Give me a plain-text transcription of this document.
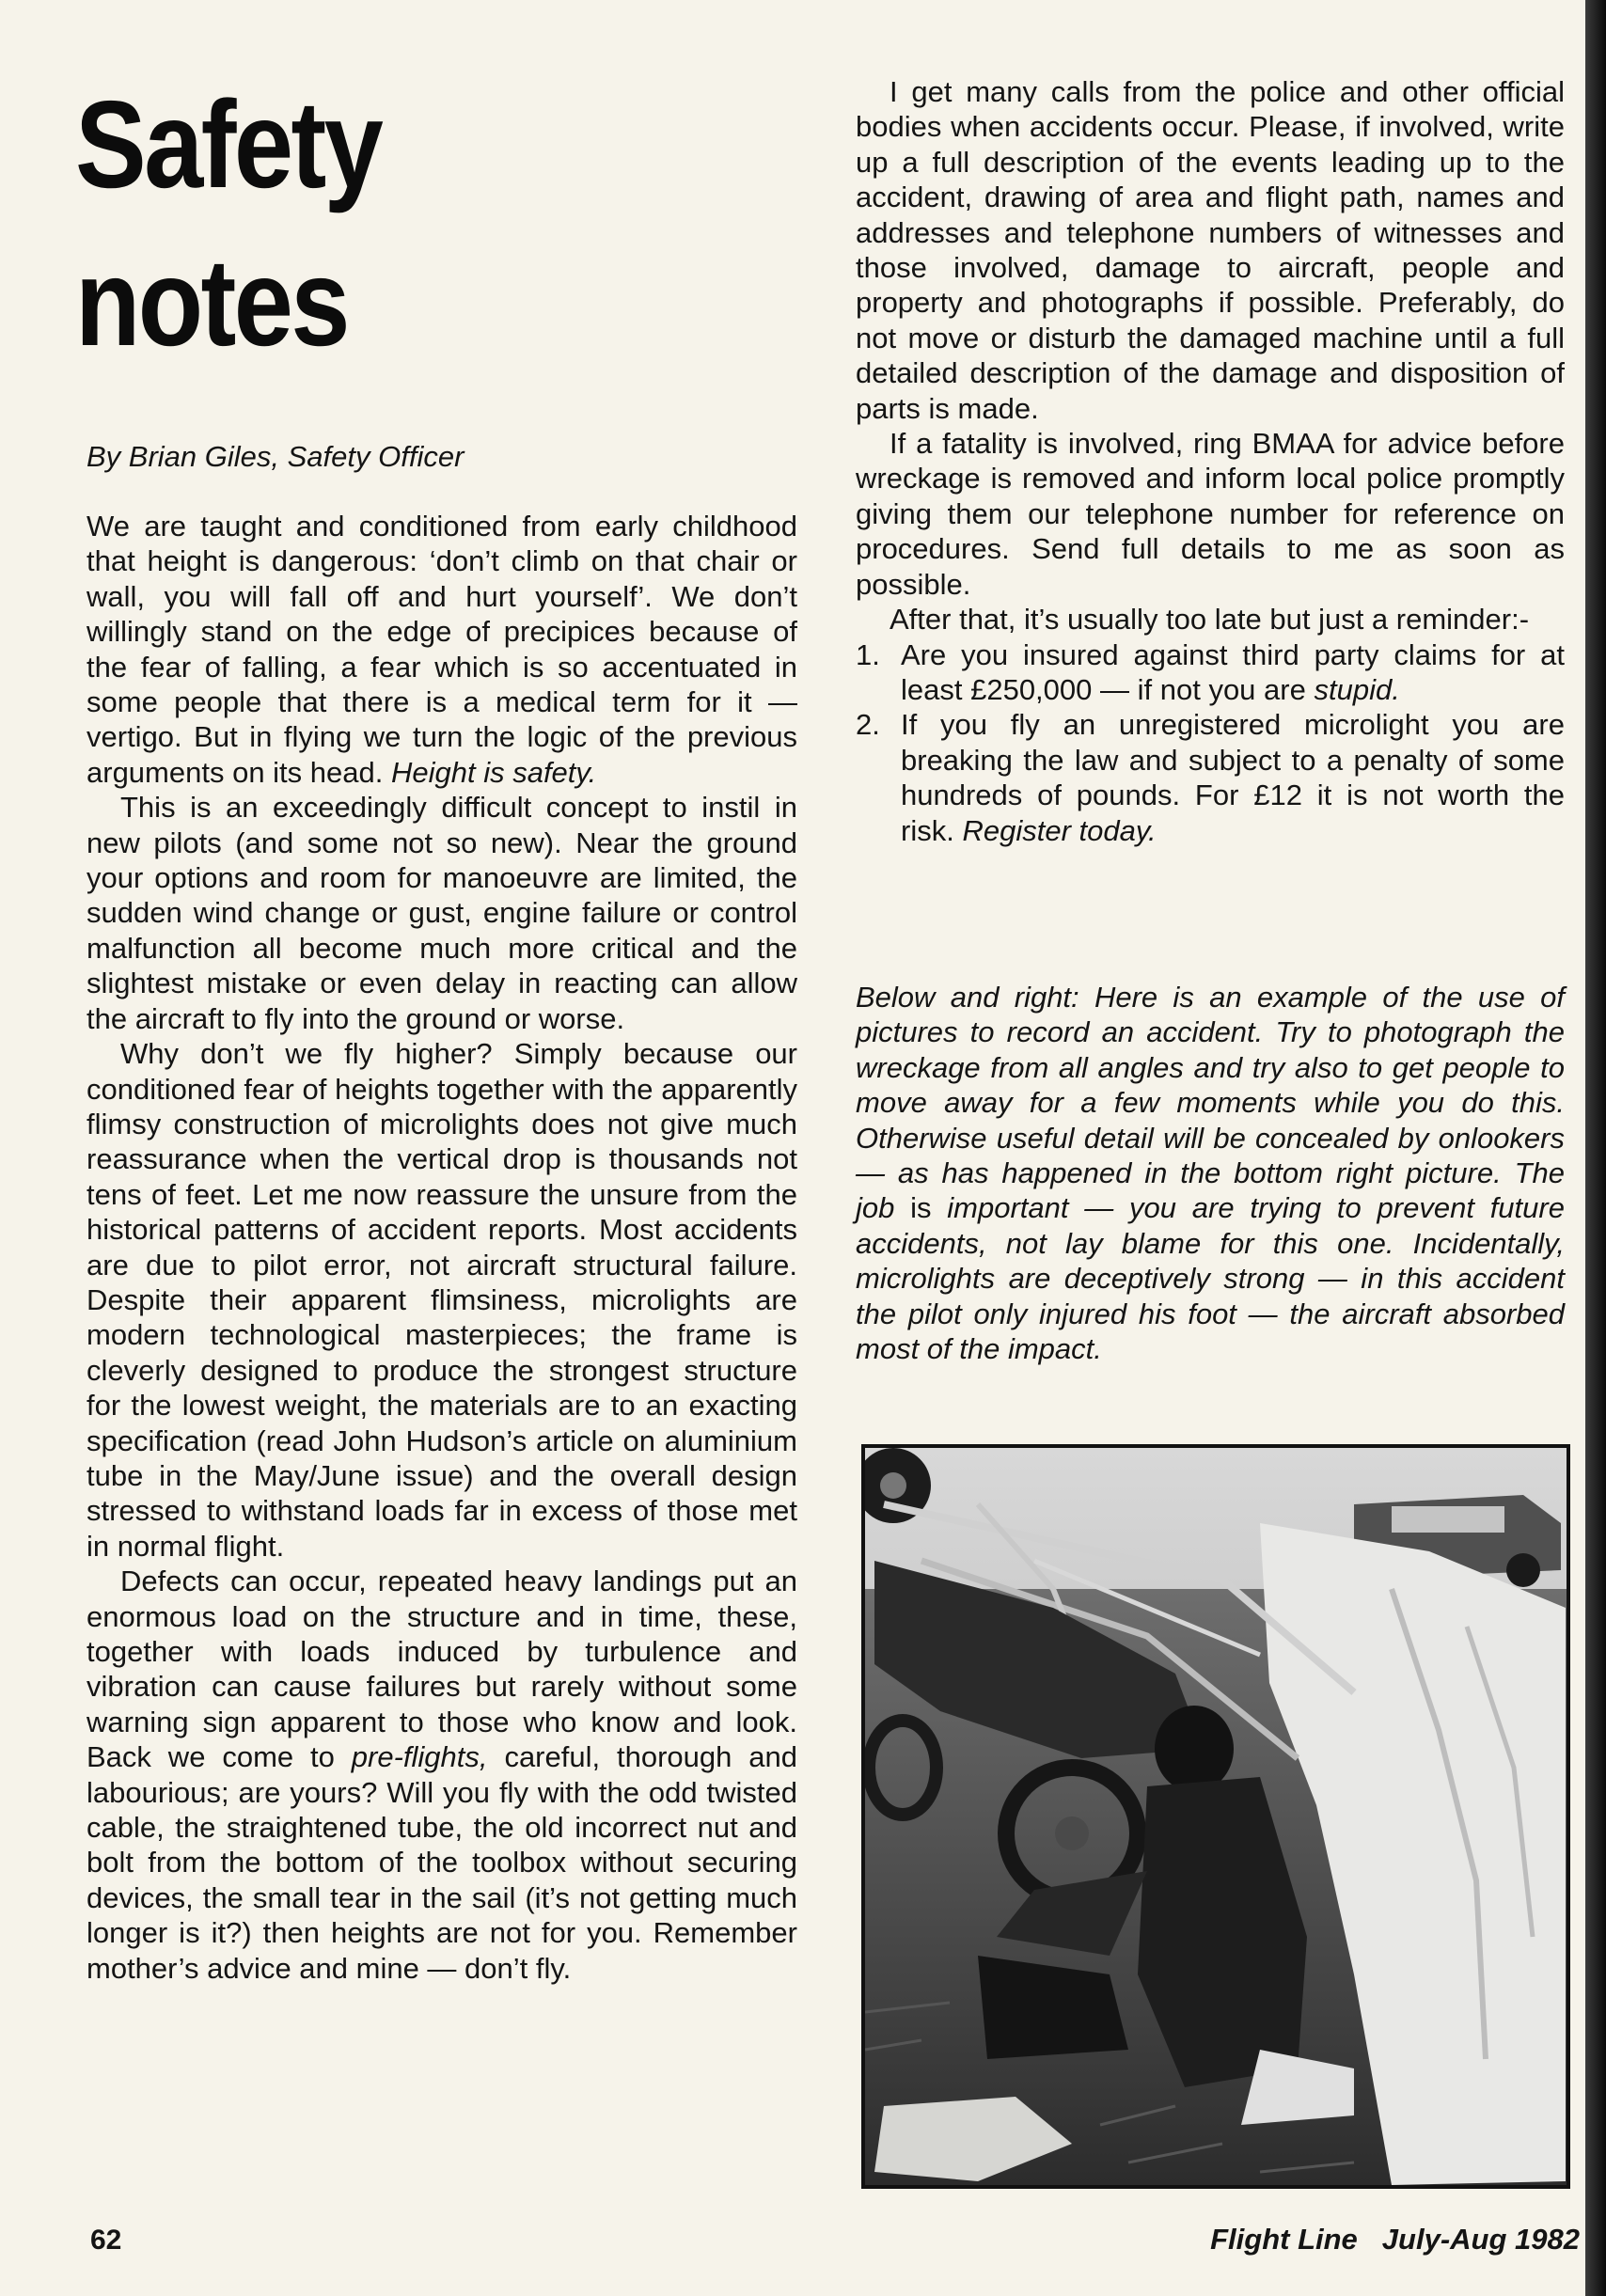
Safety
notes
By Brian Giles, Safety Officer

We are taught and conditioned from early childhood that height is dangerous: ‘don’t climb on that chair or wall, you will fall off and hurt yourself’. We don’t willingly stand on the edge of precipices because of the fear of falling, a fear which is so accentuated in some people that there is a medical term for it — vertigo. But in flying we turn the logic of the previous arguments on its head. Height is safety.

This is an exceedingly difficult concept to instil in new pilots (and some not so new). Near the ground your options and room for manoeuvre are limited, the sudden wind change or gust, engine failure or control malfunction all become much more critical and the slightest mistake or even delay in reacting can allow the aircraft to fly into the ground or worse.

Why don’t we fly higher? Simply because our conditioned fear of heights together with the apparently flimsy construction of microlights does not give much reassurance when the vertical drop is thousands not tens of feet. Let me now reassure the unsure from the historical patterns of accident reports. Most accidents are due to pilot error, not aircraft structural failure. Despite their apparent flimsiness, microlights are modern technological masterpieces; the frame is cleverly designed to produce the strongest structure for the lowest weight, the materials are to an exacting specification (read John Hudson’s article on aluminium tube in the May/June issue) and the overall design stressed to withstand loads far in excess of those met in normal flight.

Defects can occur, repeated heavy landings put an enormous load on the structure and in time, these, together with loads induced by turbulence and vibration can cause failures but rarely without some warning sign apparent to those who know and look. Back we come to pre-flights, careful, thorough and labourious; are yours? Will you fly with the odd twisted cable, the straightened tube, the old incorrect nut and bolt from the bottom of the toolbox without securing devices, the small tear in the sail (it’s not getting much longer is it?) then heights are not for you. Remember mother’s advice and mine — don’t fly.

I get many calls from the police and other official bodies when accidents occur. Please, if involved, write up a full description of the events leading up to the accident, drawing of area and flight path, names and addresses and telephone numbers of witnesses and those involved, damage to aircraft, people and property and photographs if possible. Preferably, do not move or disturb the damaged machine until a full detailed description of the damage and disposition of parts is made.

If a fatality is involved, ring BMAA for advice before wreckage is removed and inform local police promptly giving them our telephone number for reference on procedures. Send full details to me as soon as possible.

After that, it’s usually too late but just a reminder:-

1. Are you insured against third party claims for at least £250,000 — if not you are stupid.
2. If you fly an unregistered microlight you are breaking the law and subject to a penalty of some hundreds of pounds. For £12 it is not worth the risk. Register today.
Below and right: Here is an example of the use of pictures to record an accident. Try to photograph the wreckage from all angles and try also to get people to move away for a few moments while you do this. Otherwise useful detail will be concealed by onlookers — as has happened in the bottom right picture. The job is important — you are trying to prevent future accidents, not lay blame for this one. Incidentally, microlights are deceptively strong — in this accident the pilot only injured his foot — the aircraft absorbed most of the impact.
62	Flight Line July-Aug 1982
